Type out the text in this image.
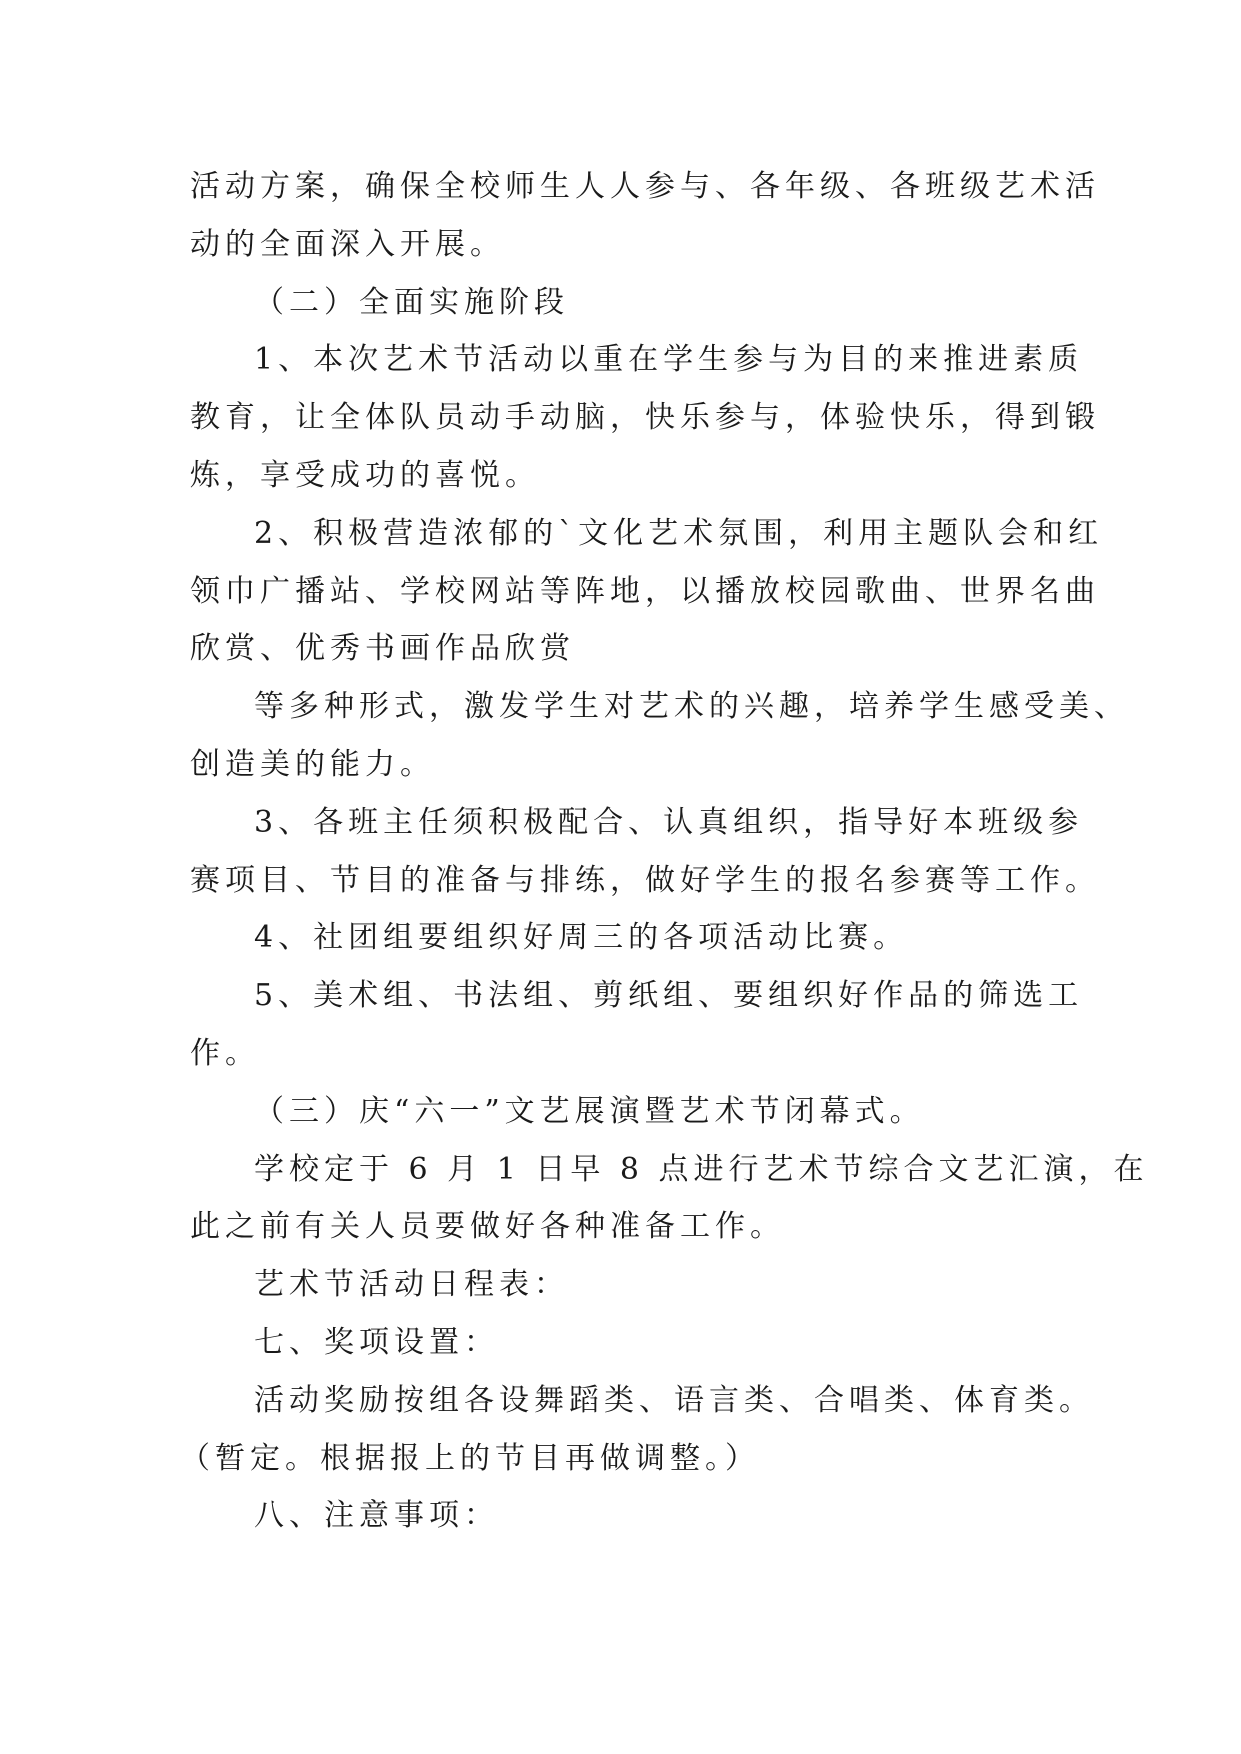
活动方案，确保全校师生人人参与、各年级、各班级艺术活
动的全面深入开展。
（二）全面实施阶段
1、本次艺术节活动以重在学生参与为目的来推进素质
教育，让全体队员动手动脑，快乐参与，体验快乐，得到锻
炼，享受成功的喜悦。
2、积极营造浓郁的`文化艺术氛围，利用主题队会和红
领巾广播站、学校网站等阵地，以播放校园歌曲、世界名曲
欣赏、优秀书画作品欣赏
等多种形式，激发学生对艺术的兴趣，培养学生感受美、
创造美的能力。
3、各班主任须积极配合、认真组织，指导好本班级参
赛项目、节目的准备与排练，做好学生的报名参赛等工作。
4、社团组要组织好周三的各项活动比赛。
5、美术组、书法组、剪纸组、要组织好作品的筛选工
作。
（三）庆“六一”文艺展演暨艺术节闭幕式。
学校定于 6 月 1 日早 8 点进行艺术节综合文艺汇演，在
此之前有关人员要做好各种准备工作。
艺术节活动日程表：
七、奖项设置：
活动奖励按组各设舞蹈类、语言类、合唱类、体育类。
（暂定。根据报上的节目再做调整。）
八、注意事项：
